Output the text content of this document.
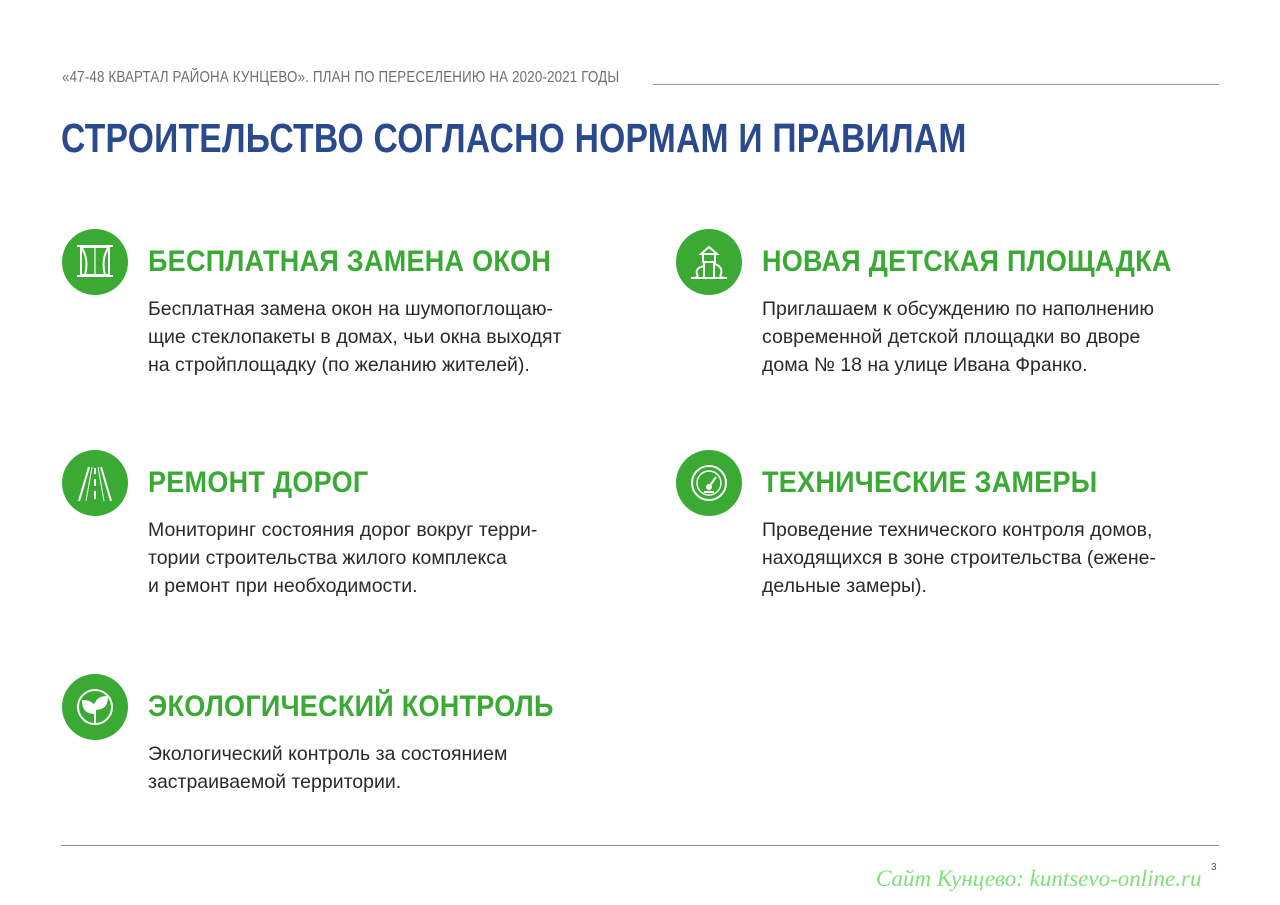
«47-48 КВАРТАЛ РАЙОНА КУНЦЕВО». ПЛАН ПО ПЕРЕСЕЛЕНИЮ НА 2020-2021 ГОДЫ
СТРОИТЕЛЬСТВО СОГЛАСНО НОРМАМ И ПРАВИЛАМ
БЕСПЛАТНАЯ ЗАМЕНА ОКОН
Бесплатная замена окон на шумопоглощаю-
щие стеклопакеты в домах, чьи окна выходят
на стройплощадку (по желанию жителей).
НОВАЯ ДЕТСКАЯ ПЛОЩАДКА
Приглашаем к обсуждению по наполнению
современной детской площадки во дворе
дома № 18 на улице Ивана Франко.
РЕМОНТ ДОРОГ
Мониторинг состояния дорог вокруг терри-
тории строительства жилого комплекса
и ремонт при необходимости.
ТЕХНИЧЕСКИЕ ЗАМЕРЫ
Проведение технического контроля домов,
находящихся в зоне строительства (ежене-
дельные замеры).
ЭКОЛОГИЧЕСКИЙ КОНТРОЛЬ
Экологический контроль за состоянием
застраиваемой территории.
3
Сайт Кунцево: kuntsevo-online.ru
